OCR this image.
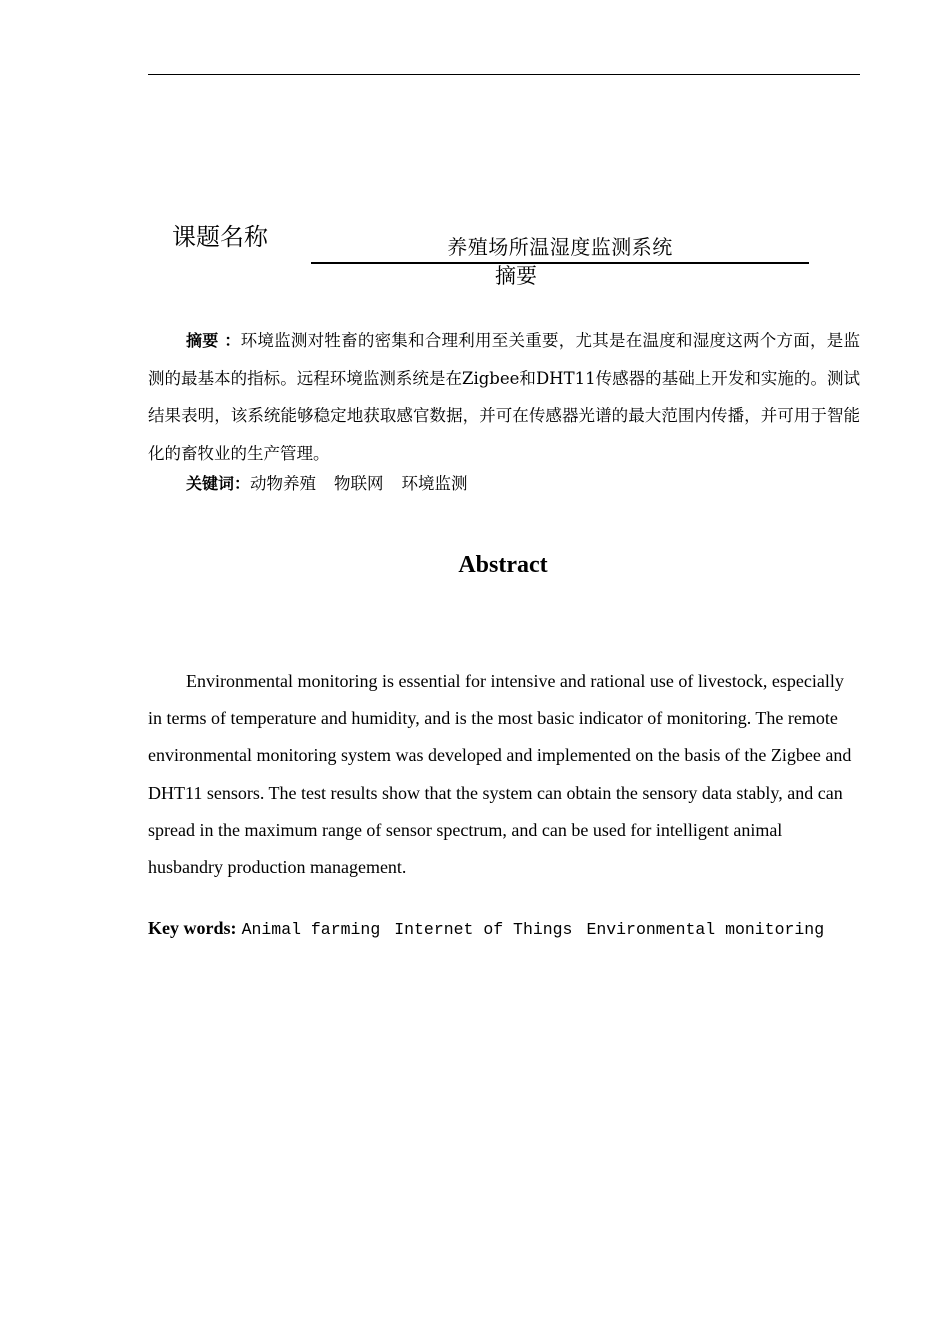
课题名称	养殖场所温湿度监测系统
摘要
摘要 ：环境监测对牲畜的密集和合理利用至关重要，尤其是在温度和湿度这两个方面，是监测的最基本的指标。远程环境监测系统是在Zigbee和DHT11传感器的基础上开发和实施的。测试结果表明，该系统能够稳定地获取感官数据，并可在传感器光谱的最大范围内传播，并可用于智能化的畜牧业的生产管理。
关键词：动物养殖 物联网 环境监测
Abstract
Environmental monitoring is essential for intensive and rational use of livestock, especially in terms of temperature and humidity, and is the most basic indicator of monitoring. The remote environmental monitoring system was developed and implemented on the basis of the Zigbee and DHT11 sensors. The test results show that the system can obtain the sensory data stably, and can spread in the maximum range of sensor spectrum, and can be used for intelligent animal husbandry production management.
Key words: Animal farming Internet of Things Environmental monitoring
